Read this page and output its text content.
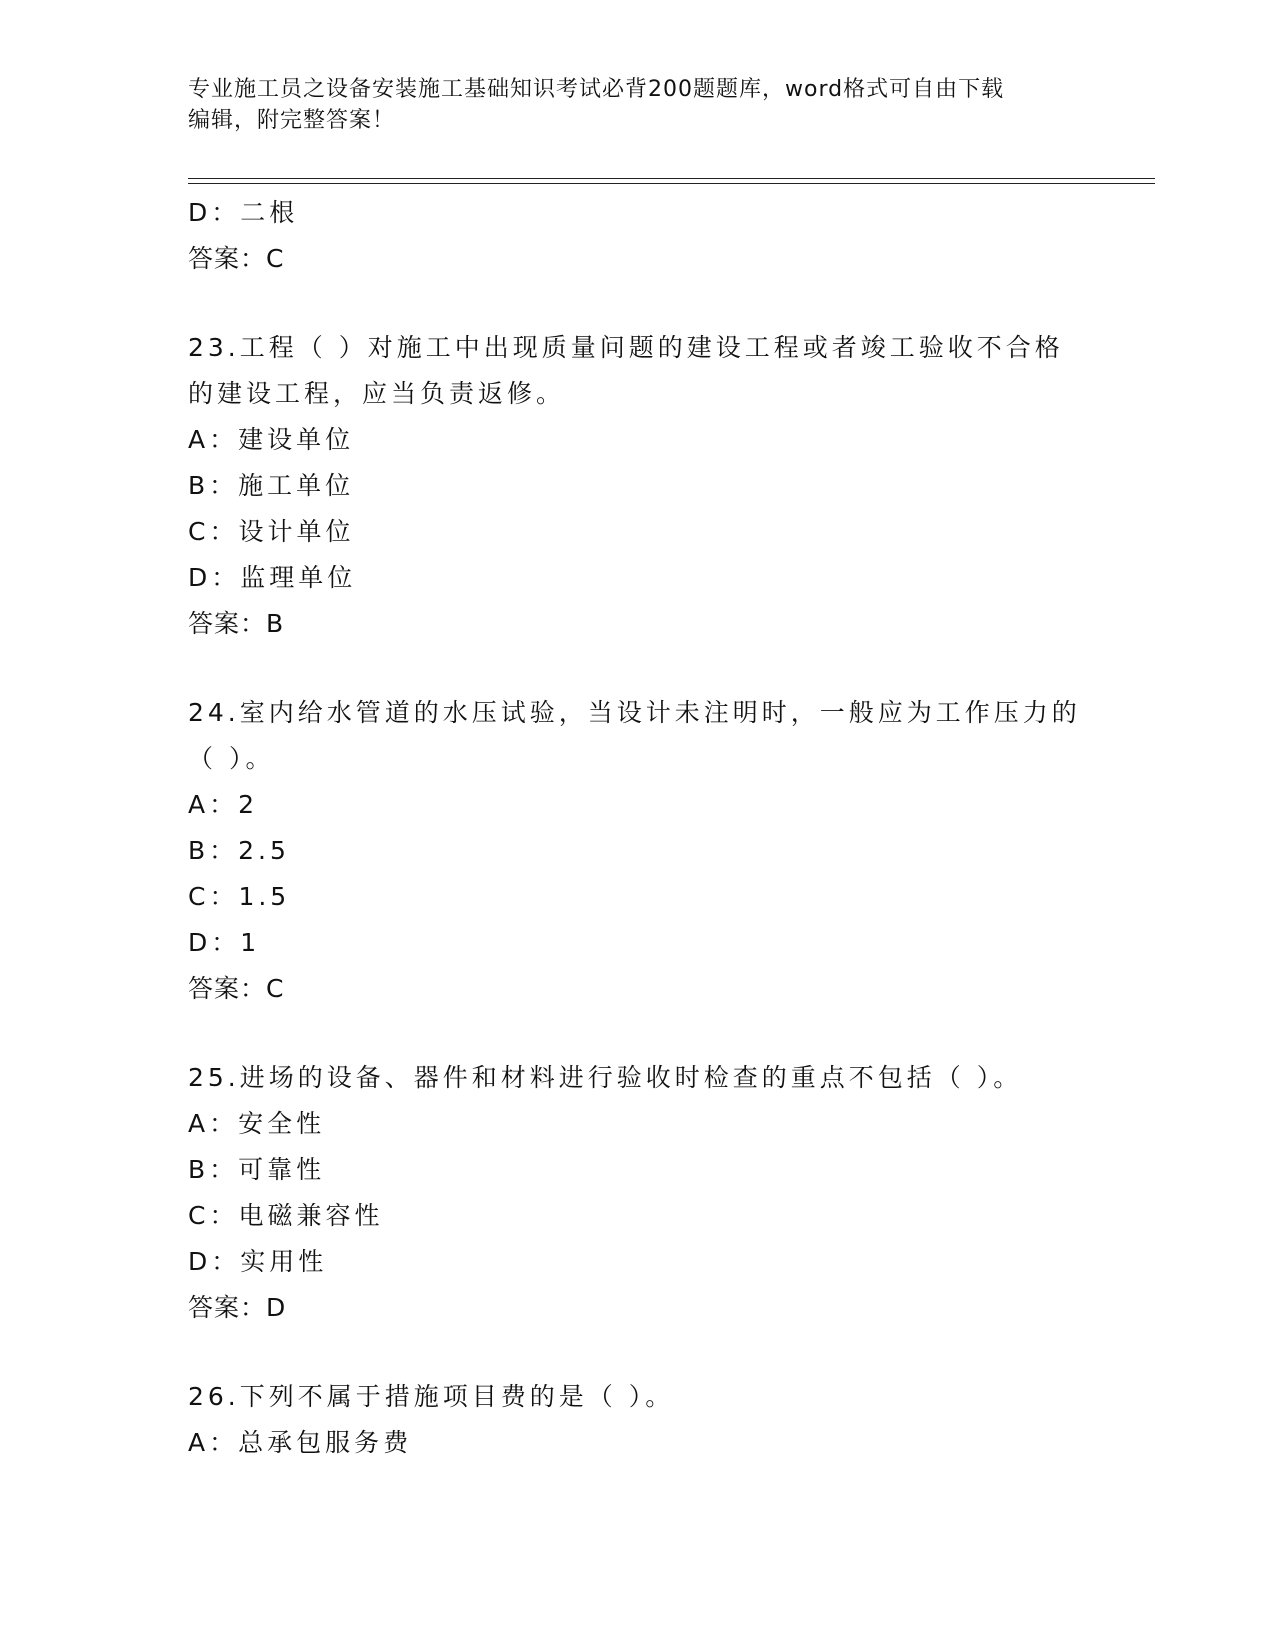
专业施工员之设备安装施工基础知识考试必背200题题库，word格式可自由下载
编辑，附完整答案！
D：二根
答案：C
23.工程（ ）对施工中出现质量问题的建设工程或者竣工验收不合格
的建设工程，应当负责返修。
A：建设单位
B：施工单位
C：设计单位
D：监理单位
答案：B
24.室内给水管道的水压试验，当设计未注明时，一般应为工作压力的
（ ）。
A：2
B：2.5
C：1.5
D：1
答案：C
25.进场的设备、器件和材料进行验收时检查的重点不包括（ ）。
A：安全性
B：可靠性
C：电磁兼容性
D：实用性
答案：D
26.下列不属于措施项目费的是（ ）。
A：总承包服务费
